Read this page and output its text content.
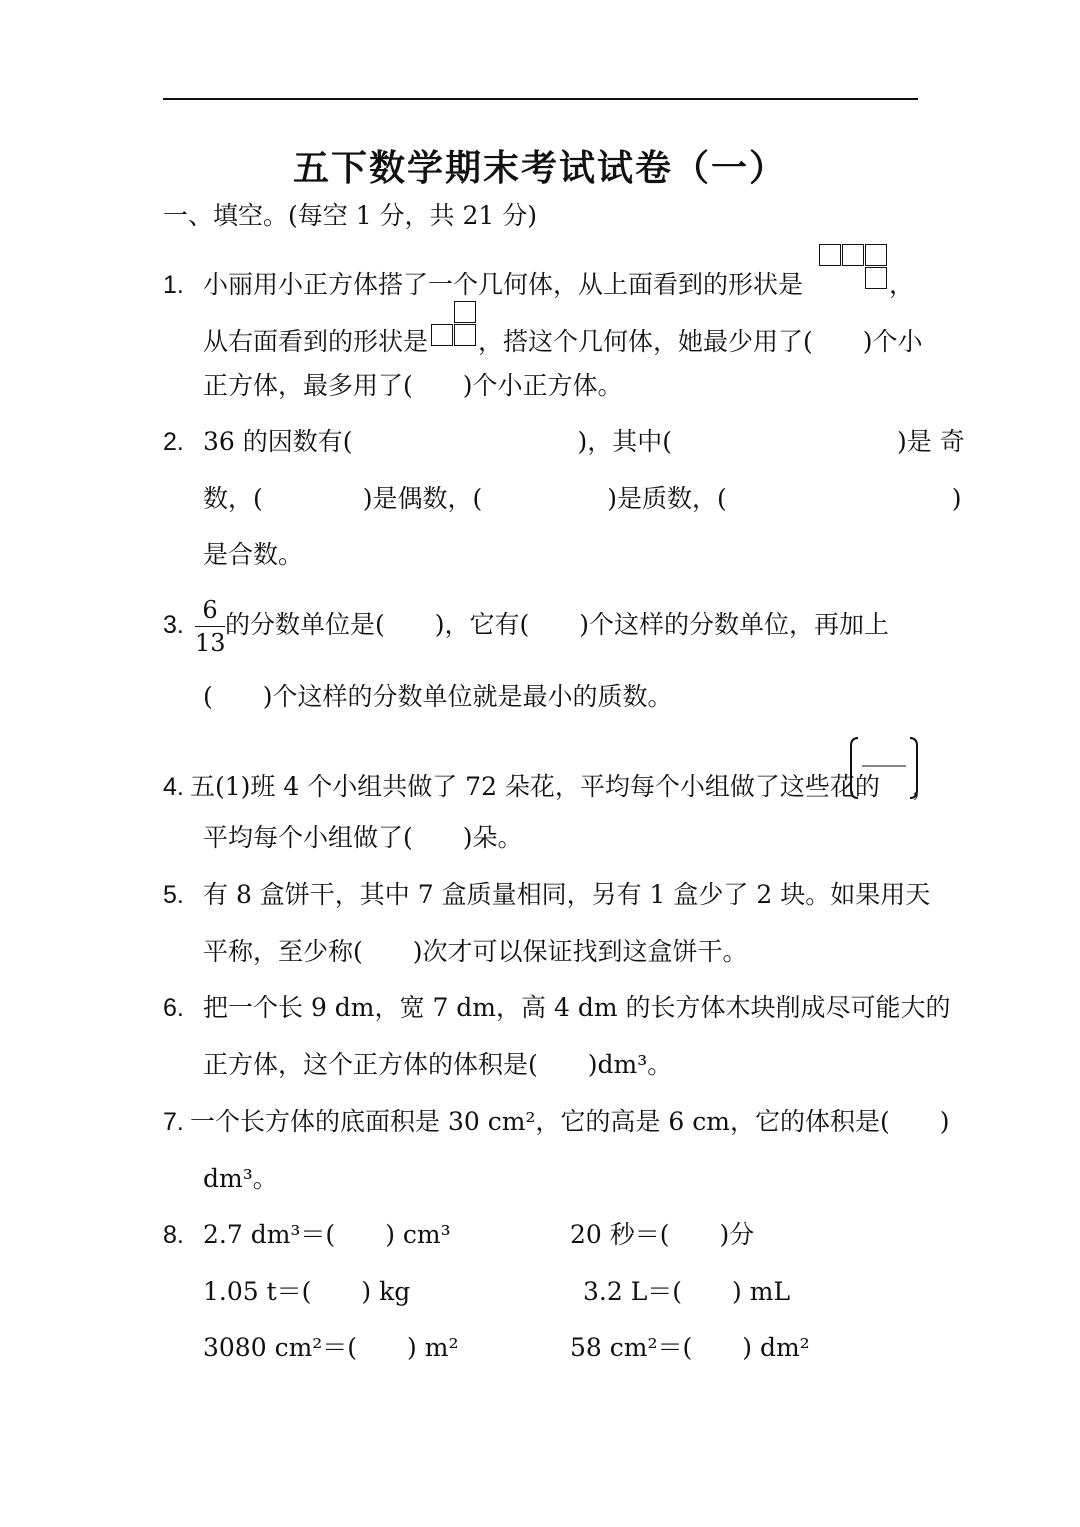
五下数学期末考试试卷（一）
一、填空。(每空 1 分，共 21 分)
1. 小丽用小正方体搭了一个几何体，从上面看到的形状是	，
从右面看到的形状是 ，搭这个几何体，她最少用了(　　)个小
正方体，最多用了(　　)个小正方体。
2. 36 的因数有(　　　　　　　　　)，其中(　　　　　　　　　)是 奇
数，(　　　　)是偶数，(　　　　　)是质数，(　　　　　　　　　)
是合数。
3.
6
13
的分数单位是(　　)，它有(　　)个这样的分数单位，再加上
(　　)个这样的分数单位就是最小的质数。
4. 五(1)班 4 个小组共做了 72 朵花，平均每个小组做了这些花的 ，
平均每个小组做了(　　)朵。
5. 有 8 盒饼干，其中 7 盒质量相同，另有 1 盒少了 2 块。如果用天
平称，至少称(　　)次才可以保证找到这盒饼干。
6. 把一个长 9 dm，宽 7 dm，高 4 dm 的长方体木块削成尽可能大的
正方体，这个正方体的体积是(　　)dm³。
7. 一个长方体的底面积是 30 cm²，它的高是 6 cm，它的体积是(　　)
dm³。
8. 2.7 dm³＝(　　) cm³	20 秒＝(　　)分
1.05 t＝(　　) kg	3.2 L＝(　　) mL
3080 cm²＝(　　) m²	58 cm²＝(　　) dm²
